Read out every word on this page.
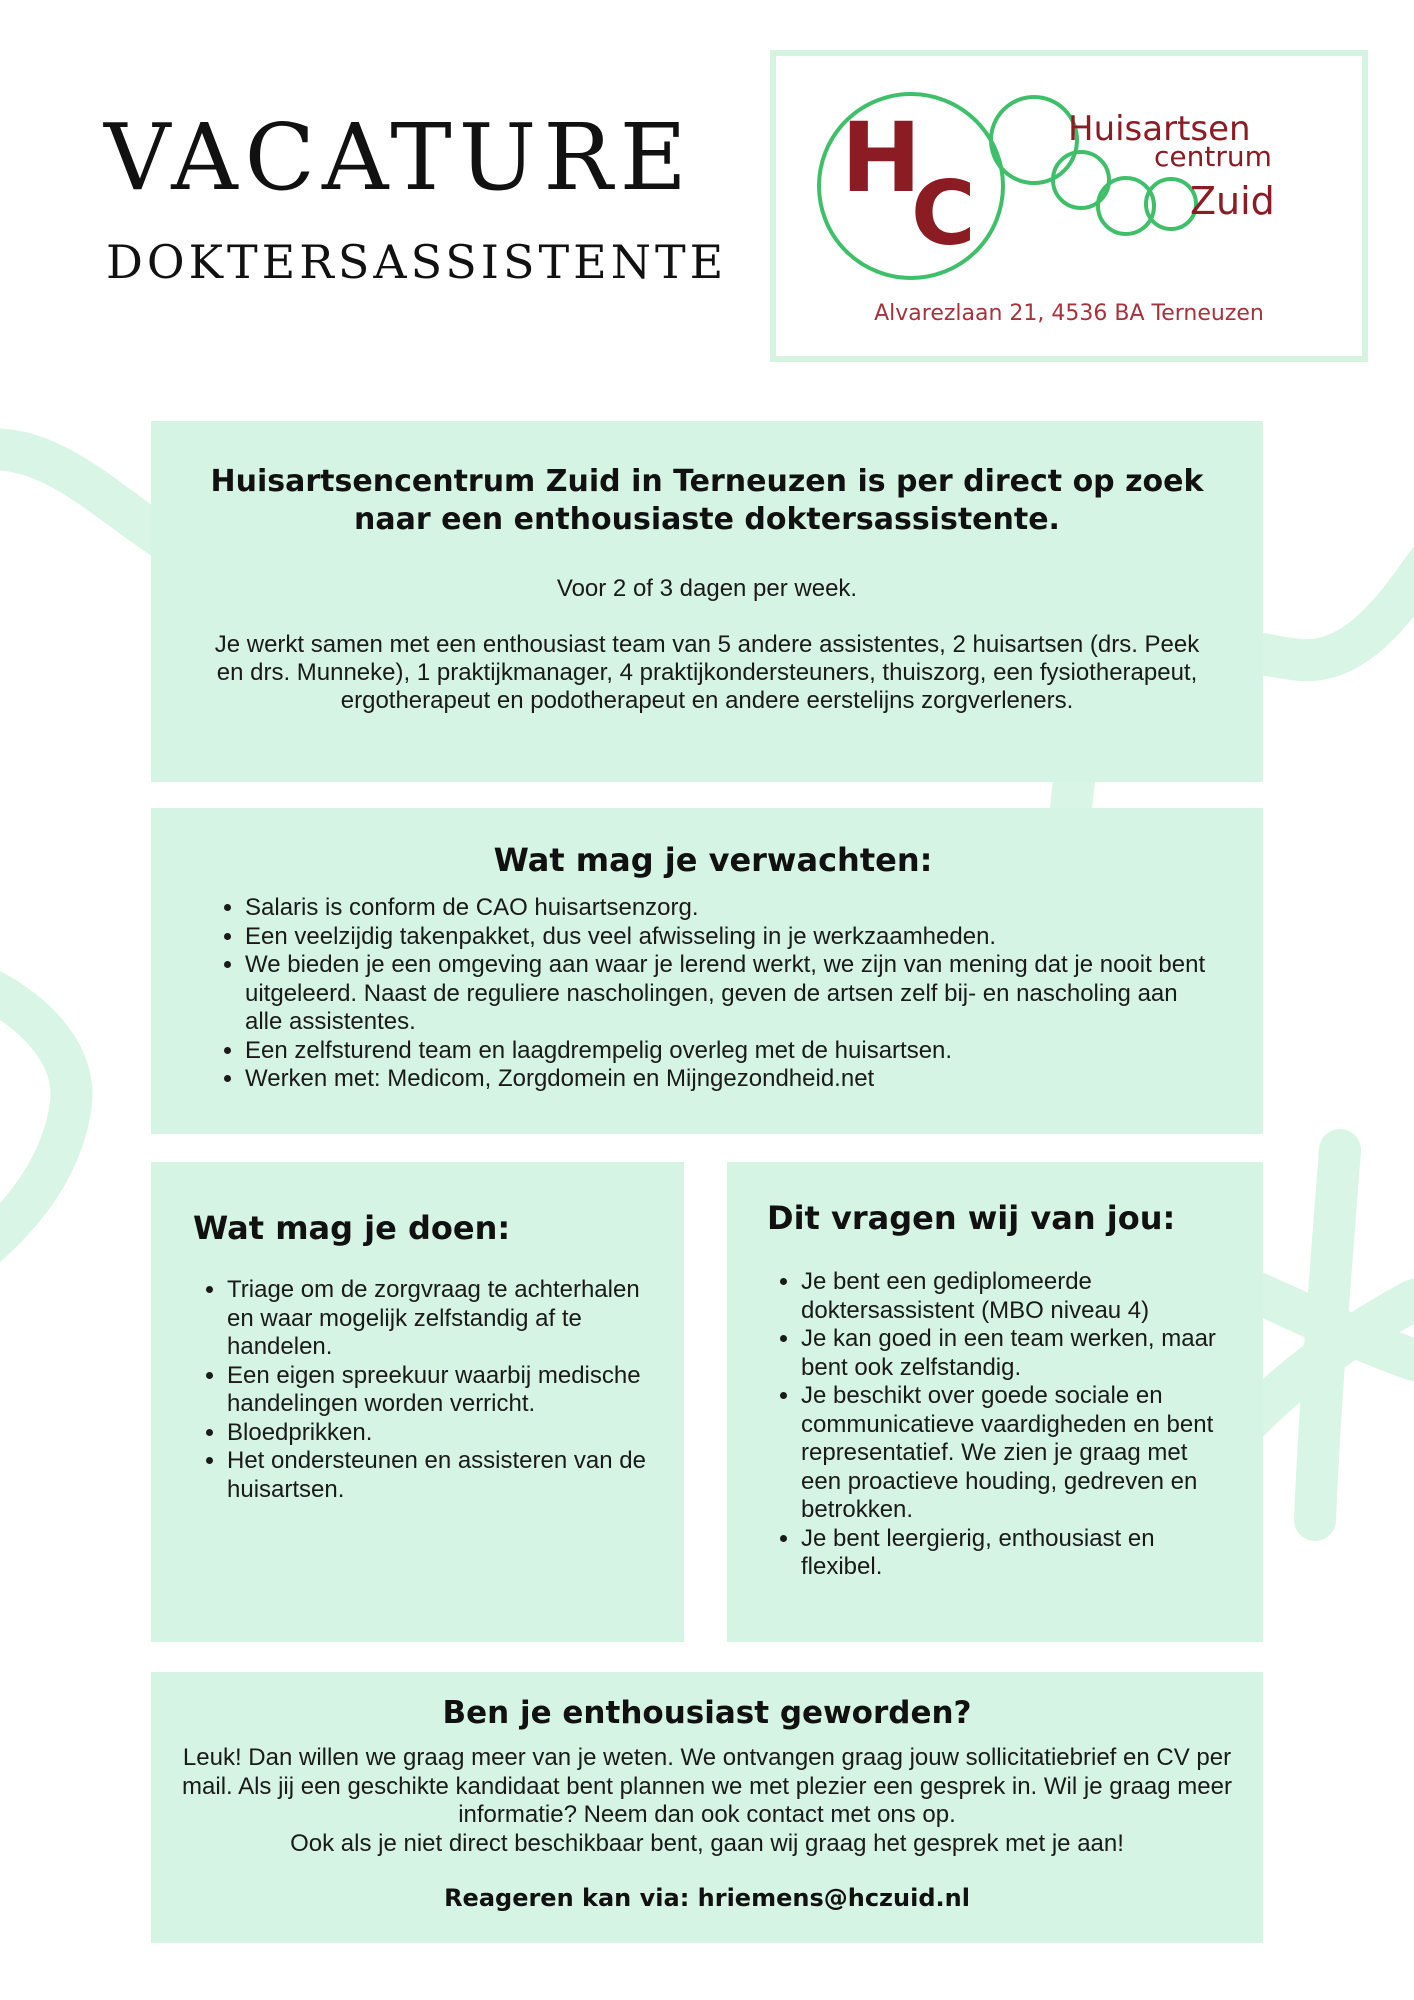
VACATURE
DOKTERSASSISTENTE
H
C
Huisartsen
centrum
Zuid
Alvarezlaan 21, 4536 BA Terneuzen
Huisartsencentrum Zuid in Terneuzen is per direct op zoek naar een enthousiaste doktersassistente.

Voor 2 of 3 dagen per week.

Je werkt samen met een enthousiast team van 5 andere assistentes, 2 huisartsen (drs. Peek en drs. Munneke), 1 praktijkmanager, 4 praktijkondersteuners, thuiszorg, een fysiotherapeut, ergotherapeut en podotherapeut en andere eerstelijns zorgverleners.

Wat mag je verwachten:
• Salaris is conform de CAO huisartsenzorg.
• Een veelzijdig takenpakket, dus veel afwisseling in je werkzaamheden.
• We bieden je een omgeving aan waar je lerend werkt, we zijn van mening dat je nooit bent uitgeleerd. Naast de reguliere nascholingen, geven de artsen zelf bij- en nascholing aan alle assistentes.
• Een zelfsturend team en laagdrempelig overleg met de huisartsen.
• Werken met: Medicom, Zorgdomein en Mijngezondheid.net
Wat mag je doen:
• Triage om de zorgvraag te achterhalen en waar mogelijk zelfstandig af te handelen.
• Een eigen spreekuur waarbij medische handelingen worden verricht.
• Bloedprikken.
• Het ondersteunen en assisteren van de huisartsen.
Dit vragen wij van jou:
• Je bent een gediplomeerde doktersassistent (MBO niveau 4)
• Je kan goed in een team werken, maar bent ook zelfstandig.
• Je beschikt over goede sociale en communicatieve vaardigheden en bent representatief. We zien je graag met een proactieve houding, gedreven en betrokken.
• Je bent leergierig, enthousiast en flexibel.
Ben je enthousiast geworden?

Leuk! Dan willen we graag meer van je weten. We ontvangen graag jouw sollicitatiebrief en CV per mail. Als jij een geschikte kandidaat bent plannen we met plezier een gesprek in. Wil je graag meer informatie? Neem dan ook contact met ons op.
Ook als je niet direct beschikbaar bent, gaan wij graag het gesprek met je aan!

Reageren kan via: hriemens@hczuid.nl
